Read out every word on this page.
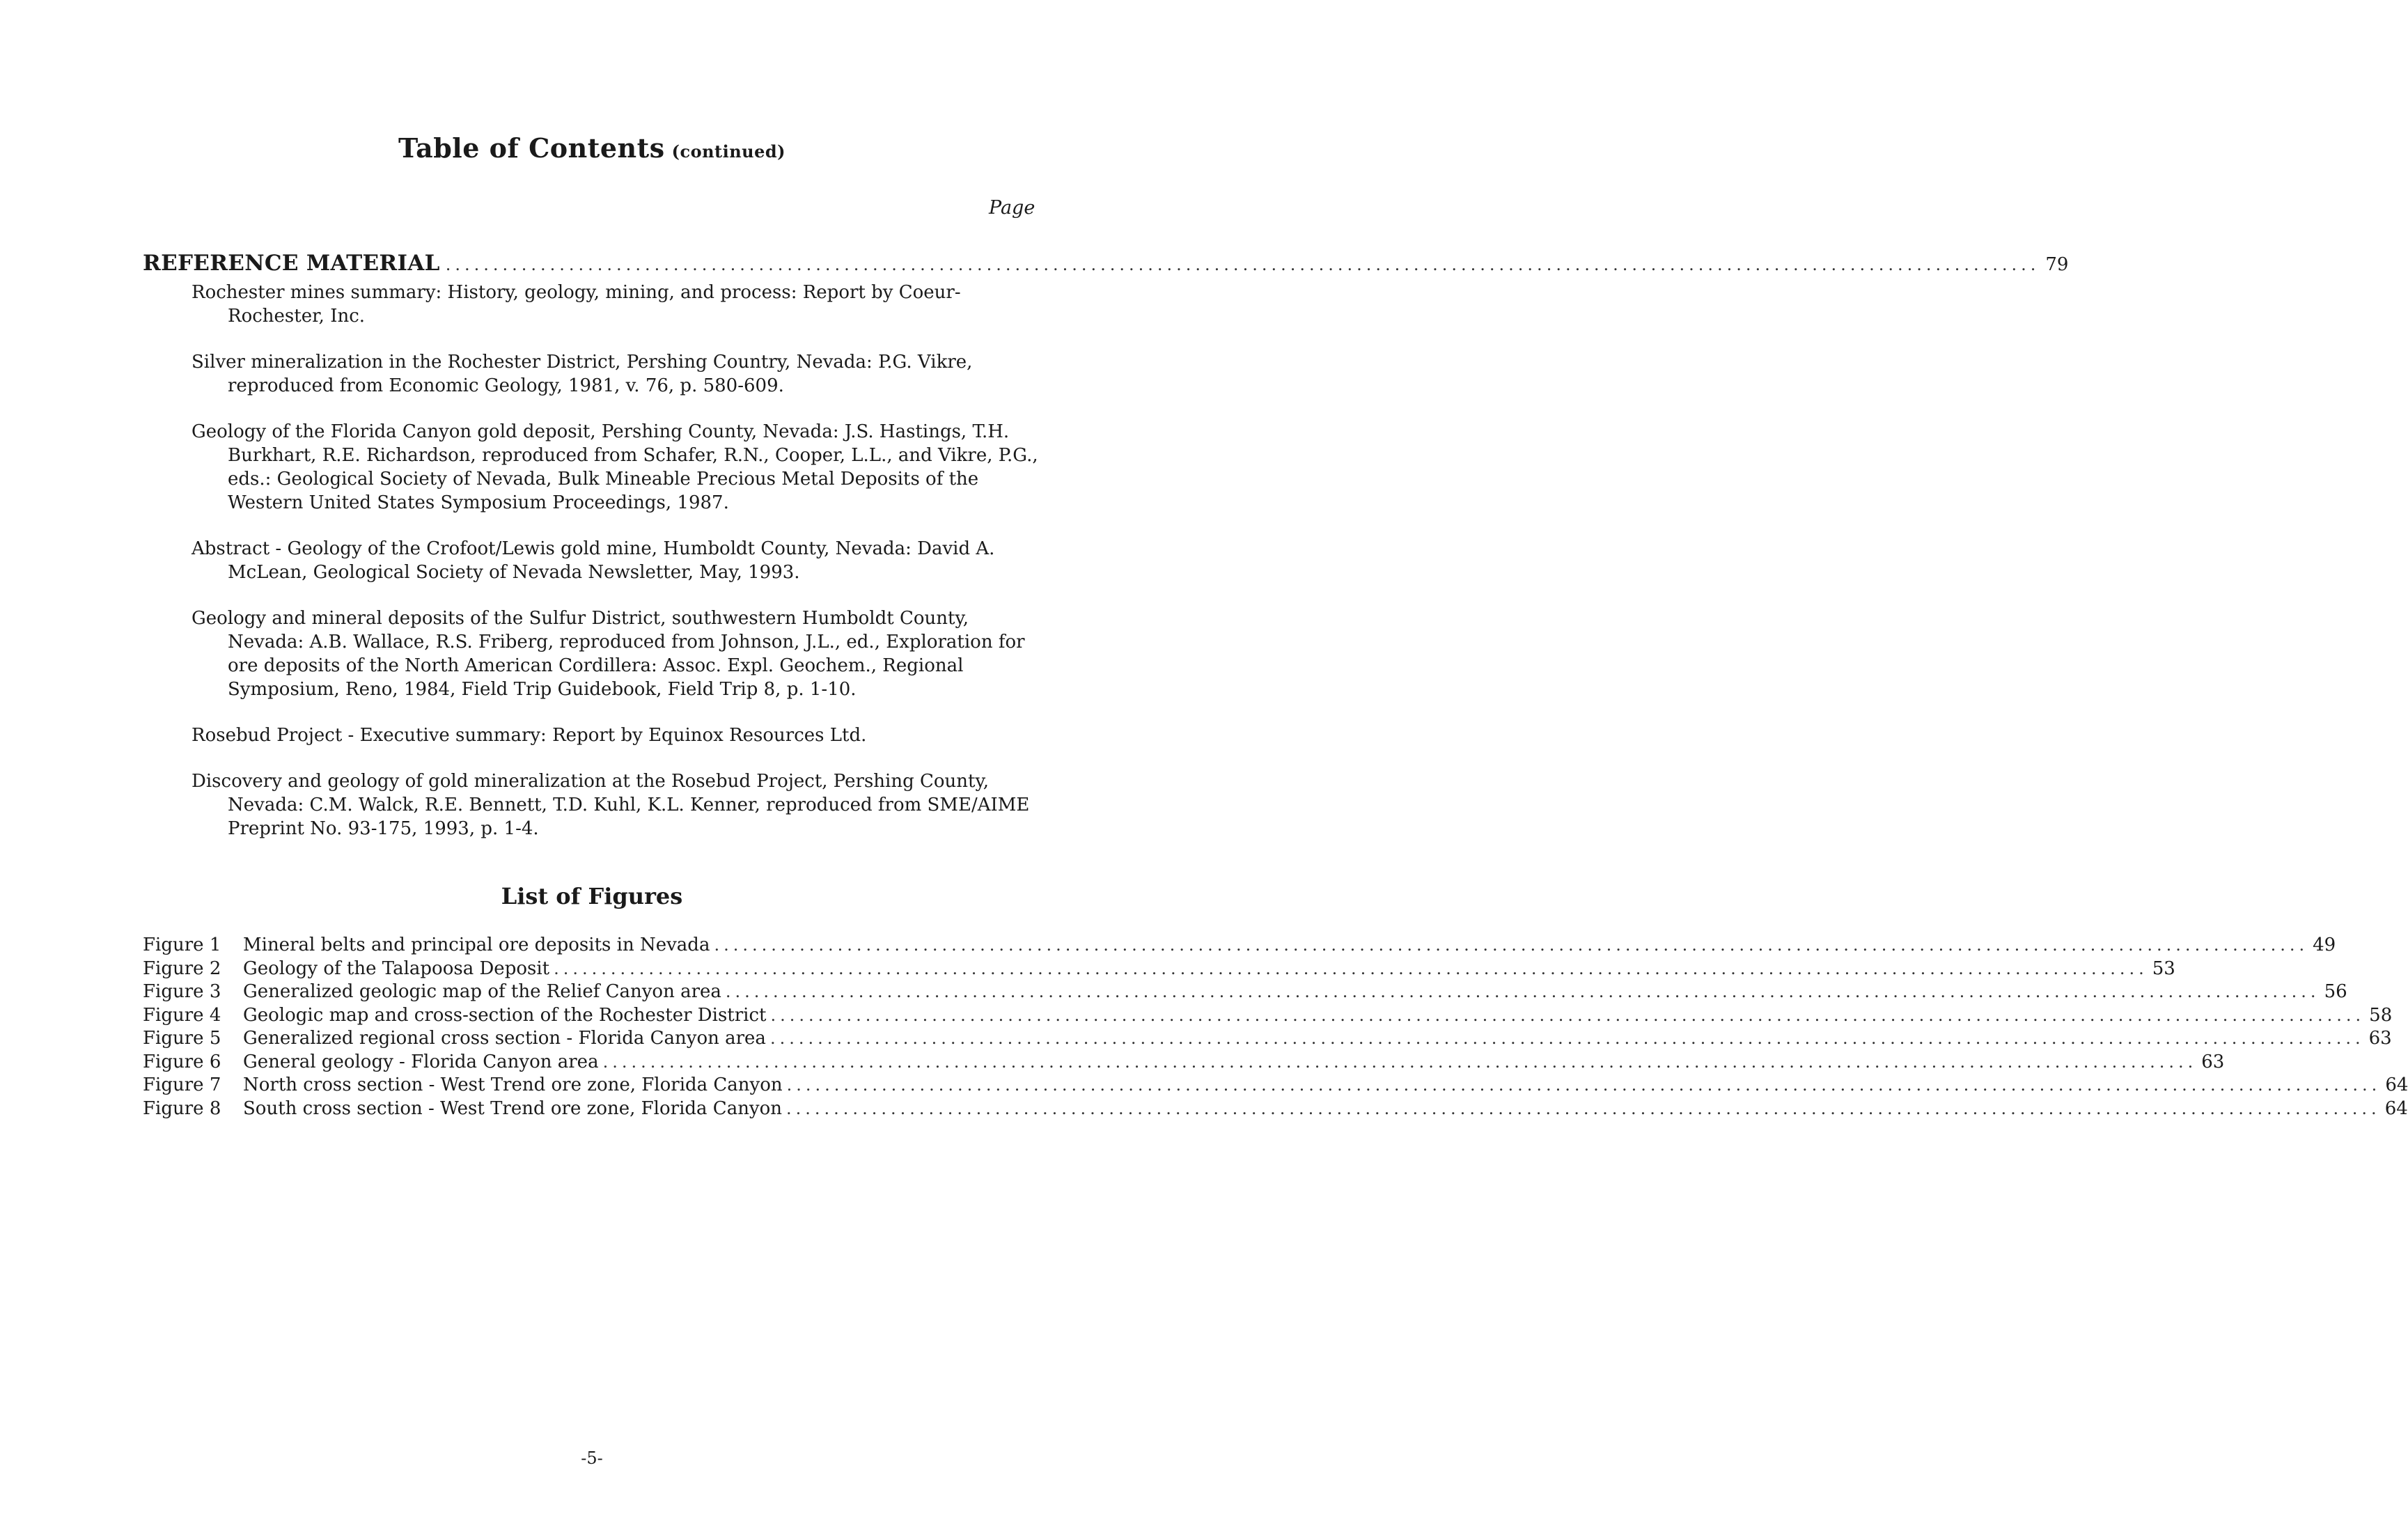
Table of Contents (continued)
Page
REFERENCE MATERIAL ........................................................................................................................................................................ 79

Rochester mines summary: History, geology, mining, and process: Report by Coeur-Rochester, Inc.

Silver mineralization in the Rochester District, Pershing Country, Nevada: P.G. Vikre, reproduced from Economic Geology, 1981, v. 76, p. 580-609.

Geology of the Florida Canyon gold deposit, Pershing County, Nevada: J.S. Hastings, T.H. Burkhart, R.E. Richardson, reproduced from Schafer, R.N., Cooper, L.L., and Vikre, P.G., eds.: Geological Society of Nevada, Bulk Mineable Precious Metal Deposits of the Western United States Symposium Proceedings, 1987.

Abstract - Geology of the Crofoot/Lewis gold mine, Humboldt County, Nevada: David A. McLean, Geological Society of Nevada Newsletter, May, 1993.

Geology and mineral deposits of the Sulfur District, southwestern Humboldt County, Nevada: A.B. Wallace, R.S. Friberg, reproduced from Johnson, J.L., ed., Exploration for ore deposits of the North American Cordillera: Assoc. Expl. Geochem., Regional Symposium, Reno, 1984, Field Trip Guidebook, Field Trip 8, p. 1-10.

Rosebud Project - Executive summary: Report by Equinox Resources Ltd.

Discovery and geology of gold mineralization at the Rosebud Project, Pershing County, Nevada: C.M. Walck, R.E. Bennett, T.D. Kuhl, K.L. Kenner, reproduced from SME/AIME Preprint No. 93-175, 1993, p. 1-4.

List of Figures
Figure 1	Mineral belts and principal ore deposits in Nevada ........................................................................................................................................................................ 49
Figure 2	Geology of the Talapoosa Deposit ........................................................................................................................................................................ 53
Figure 3	Generalized geologic map of the Relief Canyon area ........................................................................................................................................................................ 56
Figure 4	Geologic map and cross-section of the Rochester District ........................................................................................................................................................................ 58
Figure 5	Generalized regional cross section - Florida Canyon area ........................................................................................................................................................................ 63
Figure 6	General geology - Florida Canyon area ........................................................................................................................................................................ 63
Figure 7	North cross section - West Trend ore zone, Florida Canyon ........................................................................................................................................................................ 64
Figure 8	South cross section - West Trend ore zone, Florida Canyon ........................................................................................................................................................................ 64
-5-
